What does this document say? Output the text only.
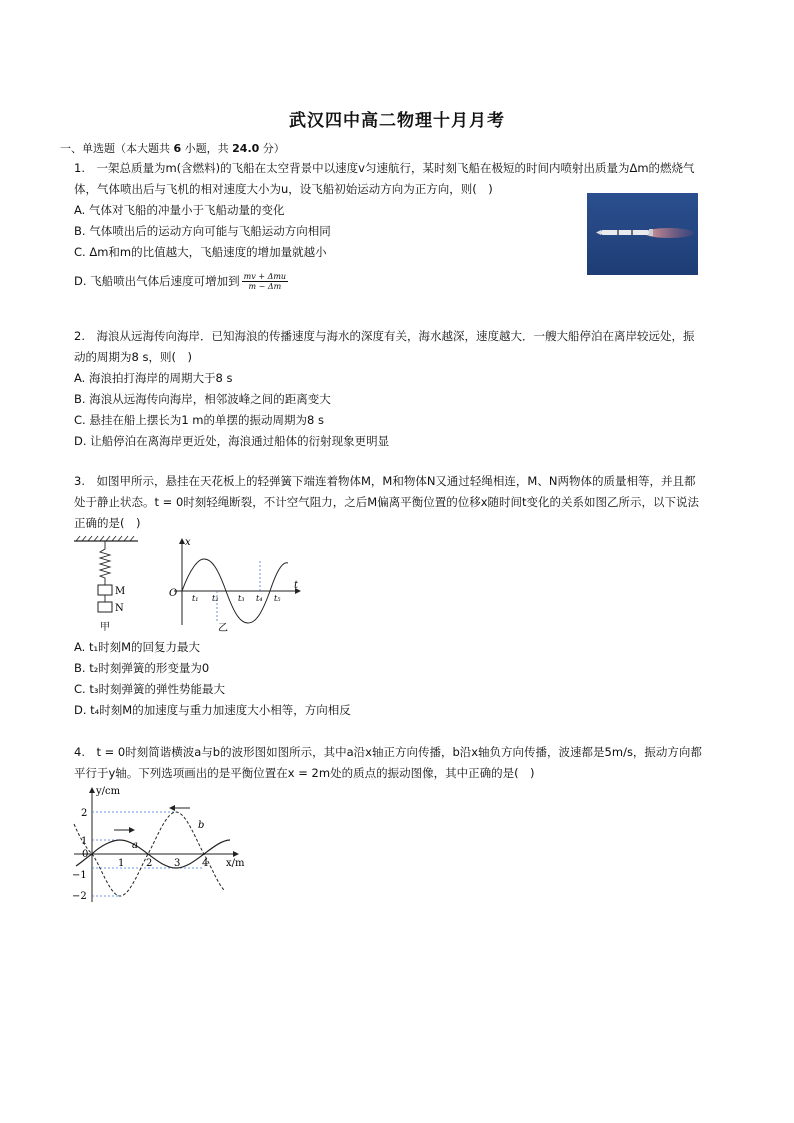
武汉四中高二物理十月月考
一、单选题（本大题共 6 小题，共 24.0 分）
1.　一架总质量为m(含燃料)的飞船在太空背景中以速度v匀速航行，某时刻飞船在极短的时间内喷射出质量为Δm的燃烧气
体，气体喷出后与飞机的相对速度大小为u，设飞船初始运动方向为正方向，则(　)
A. 气体对飞船的冲量小于飞船动量的变化
B. 气体喷出后的运动方向可能与飞船运动方向相同
C. Δm和m的比值越大，飞船速度的增加量就越小
D. 飞船喷出气体后速度可增加到 $\frac{\text{mv + Δmu}}{m - \Delta m}$
2.　海浪从远海传向海岸．已知海浪的传播速度与海水的深度有关，海水越深，速度越大．一艘大船停泊在离岸较远处，振
动的周期为8 s，则(　)
A. 海浪拍打海岸的周期大于8 s
B. 海浪从远海传向海岸，相邻波峰之间的距离变大
C. 悬挂在船上摆长为1 m的单摆的振动周期为8 s
D. 让船停泊在离海岸更近处，海浪通过船体的衍射现象更明显
3.　如图甲所示，悬挂在天花板上的轻弹簧下端连着物体M，M和物体N又通过轻绳相连，M、N两物体的质量相等，并且都
处于静止状态。t = 0时刻轻绳断裂，不计空气阻力，之后M偏离平衡位置的位移x随时间t变化的关系如图乙所示，以下说法
正确的是(　)
M
N
甲
x
t
O t₁ t₂ t₃ t₄ t₅
乙
A. t₁时刻M的回复力最大
B. t₂时刻弹簧的形变量为0
C. t₃时刻弹簧的弹性势能最大
D. t₄时刻M的加速度与重力加速度大小相等，方向相反
4.　t = 0时刻简谐横波a与b的波形图如图所示，其中a沿x轴正方向传播，b沿x轴负方向传播，波速都是5m/s，振动方向都
平行于y轴。下列选项画出的是平衡位置在x = 2m处的质点的振动图像，其中正确的是(　)
y/cm
x/m
0
2
1
−1
−2
1 2 3 4
a
b
